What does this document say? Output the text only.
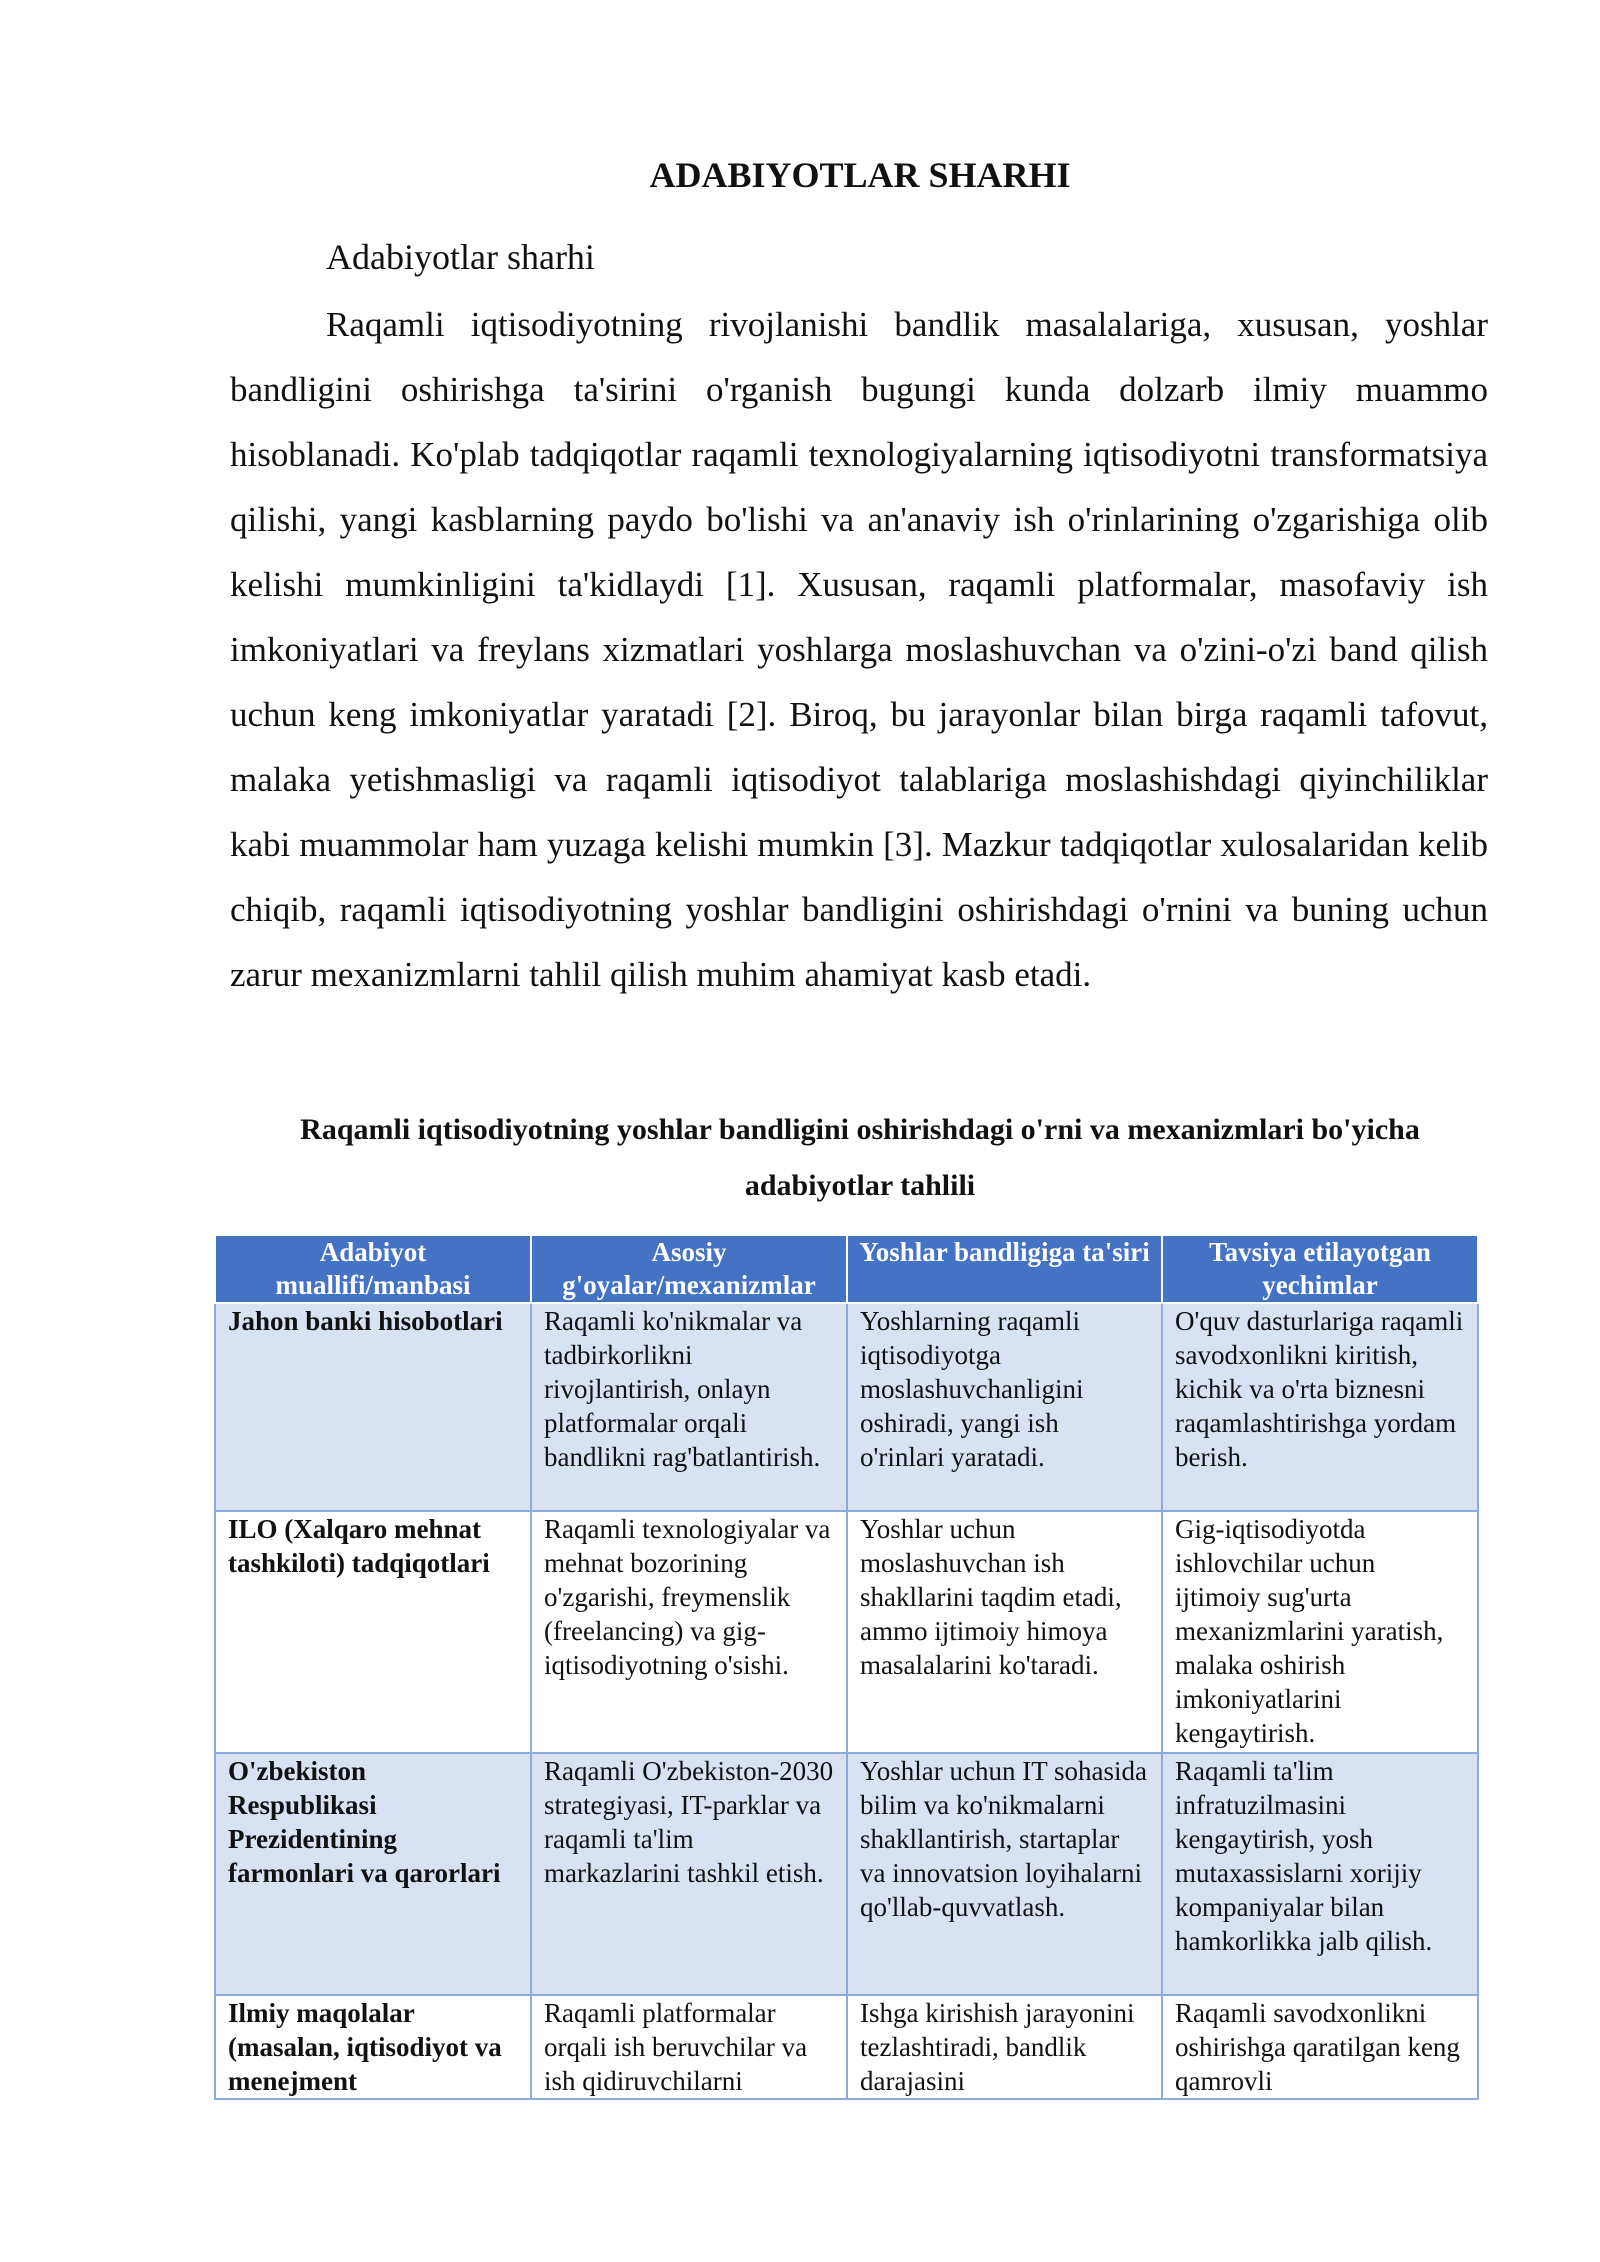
ADABIYOTLAR SHARHI
Adabiyotlar sharhi

Raqamli iqtisodiyotning rivojlanishi bandlik masalalariga, xususan, yoshlar bandligini oshirishga ta'sirini o'rganish bugungi kunda dolzarb ilmiy muammo hisoblanadi. Ko'plab tadqiqotlar raqamli texnologiyalarning iqtisodiyotni transformatsiya qilishi, yangi kasblarning paydo bo'lishi va an'anaviy ish o'rinlarining o'zgarishiga olib kelishi mumkinligini ta'kidlaydi [1]. Xususan, raqamli platformalar, masofaviy ish imkoniyatlari va freylans xizmatlari yoshlarga moslashuvchan va o'zini-o'zi band qilish uchun keng imkoniyatlar yaratadi [2]. Biroq, bu jarayonlar bilan birga raqamli tafovut, malaka yetishmasligi va raqamli iqtisodiyot talablariga moslashishdagi qiyinchiliklar kabi muammolar ham yuzaga kelishi mumkin [3]. Mazkur tadqiqotlar xulosalaridan kelib chiqib, raqamli iqtisodiyotning yoshlar bandligini oshirishdagi o'rnini va buning uchun zarur mexanizmlarni tahlil qilish muhim ahamiyat kasb etadi.

Raqamli iqtisodiyotning yoshlar bandligini oshirishdagi o'rni va mexanizmlari bo'yicha
adabiyotlar tahlili
Adabiyot muallifi/manbasi	Asosiy g'oyalar/mexanizmlar	Yoshlar bandligiga ta'siri	Tavsiya etilayotgan yechimlar
Jahon banki hisobotlari	Raqamli ko'nikmalar va tadbirkorlikni rivojlantirish, onlayn platformalar orqali bandlikni rag'batlantirish.	Yoshlarning raqamli iqtisodiyotga moslashuvchanligini oshiradi, yangi ish o'rinlari yaratadi.	O'quv dasturlariga raqamli savodxonlikni kiritish, kichik va o'rta biznesni raqamlashtirishga yordam berish.
ILO (Xalqaro mehnat tashkiloti) tadqiqotlari	Raqamli texnologiyalar va mehnat bozorining o'zgarishi, freymenslik (freelancing) va gig-iqtisodiyotning o'sishi.	Yoshlar uchun moslashuvchan ish shakllarini taqdim etadi, ammo ijtimoiy himoya masalalarini ko'taradi.	Gig-iqtisodiyotda ishlovchilar uchun ijtimoiy sug'urta mexanizmlarini yaratish, malaka oshirish imkoniyatlarini kengaytirish.
O'zbekiston Respublikasi Prezidentining farmonlari va qarorlari	Raqamli O'zbekiston-2030 strategiyasi, IT-parklar va raqamli ta'lim markazlarini tashkil etish.	Yoshlar uchun IT sohasida bilim va ko'nikmalarni shakllantirish, startaplar va innovatsion loyihalarni qo'llab-quvvatlash.	Raqamli ta'lim infratuzilmasini kengaytirish, yosh mutaxassislarni xorijiy kompaniyalar bilan hamkorlikka jalb qilish.
Ilmiy maqolalar (masalan, iqtisodiyot va menejment	Raqamli platformalar orqali ish beruvchilar va ish qidiruvchilarni	Ishga kirishish jarayonini tezlashtiradi, bandlik darajasini	Raqamli savodxonlikni oshirishga qaratilgan keng qamrovli
